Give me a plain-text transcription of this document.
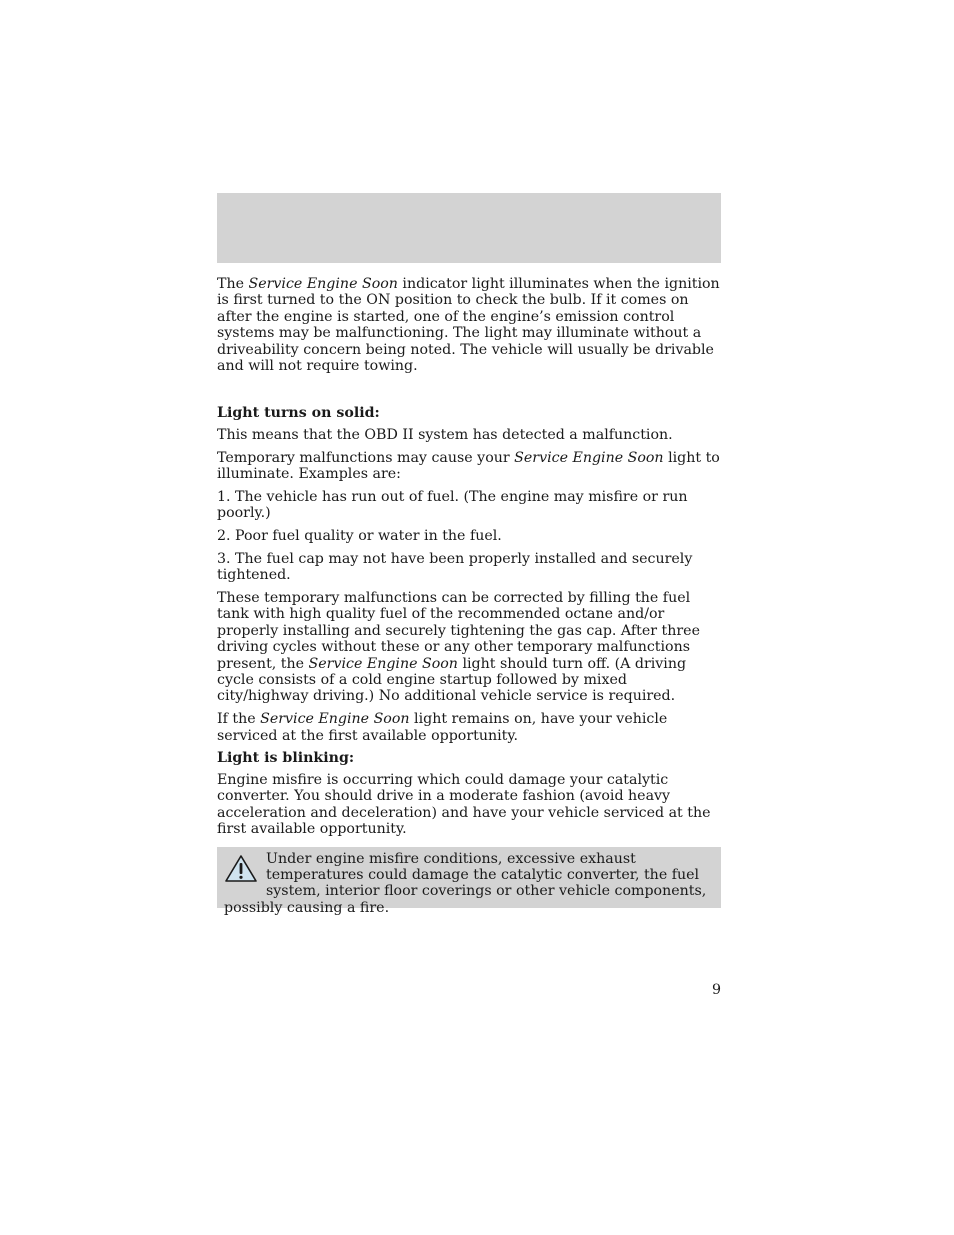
The Service Engine Soon indicator light illuminates when the ignition is first turned to the ON position to check the bulb. If it comes on after the engine is started, one of the engine’s emission control systems may be malfunctioning. The light may illuminate without a driveability concern being noted. The vehicle will usually be drivable and will not require towing.

Light turns on solid:

This means that the OBD II system has detected a malfunction.

Temporary malfunctions may cause your Service Engine Soon light to illuminate. Examples are:

1. The vehicle has run out of fuel. (The engine may misfire or run poorly.)

2. Poor fuel quality or water in the fuel.

3. The fuel cap may not have been properly installed and securely tightened.

These temporary malfunctions can be corrected by filling the fuel tank with high quality fuel of the recommended octane and/or properly installing and securely tightening the gas cap. After three driving cycles without these or any other temporary malfunctions present, the Service Engine Soon light should turn off. (A driving cycle consists of a cold engine startup followed by mixed city/highway driving.) No additional vehicle service is required.

If the Service Engine Soon light remains on, have your vehicle serviced at the first available opportunity.

Light is blinking:

Engine misfire is occurring which could damage your catalytic converter. You should drive in a moderate fashion (avoid heavy acceleration and deceleration) and have your vehicle serviced at the first available opportunity.

Under engine misfire conditions, excessive exhaust temperatures could damage the catalytic converter, the fuel system, interior floor coverings or other vehicle components, possibly causing a fire.
9
